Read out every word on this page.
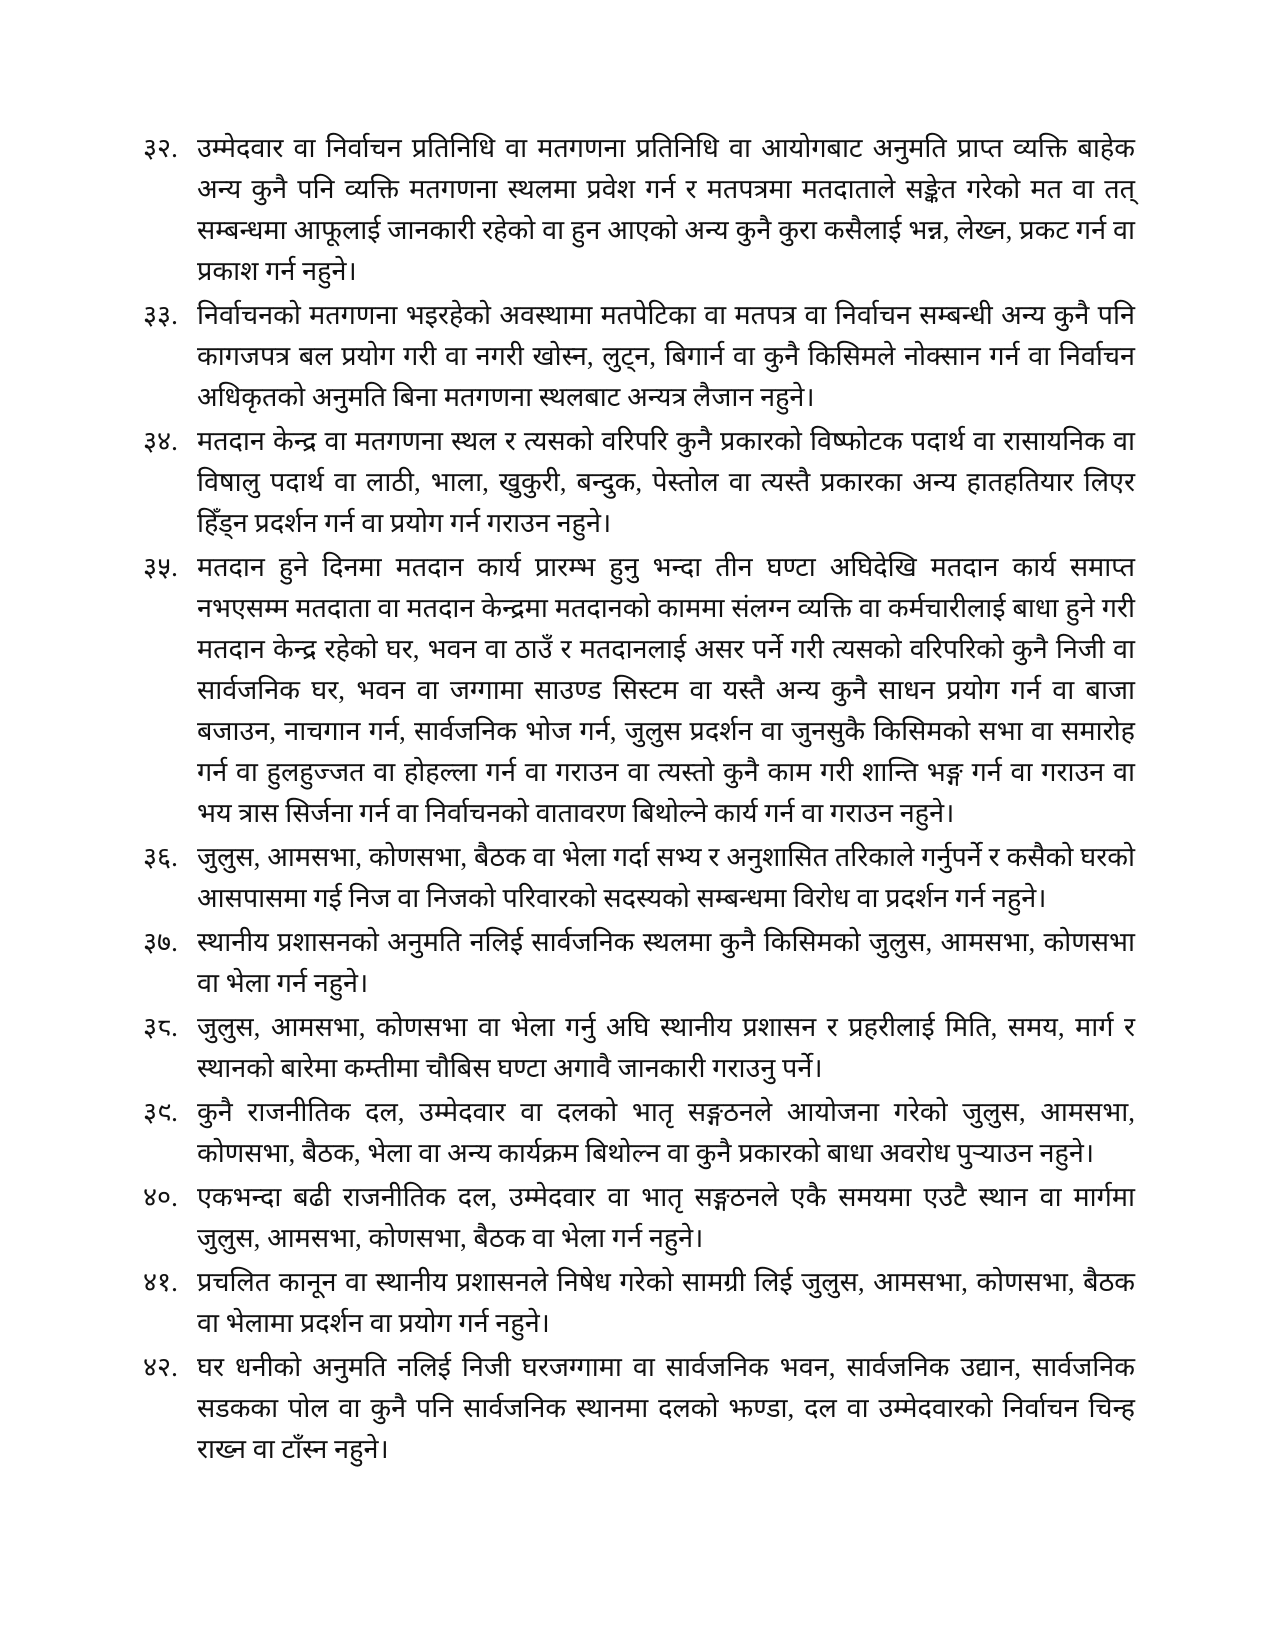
३२. उम्मेदवार वा निर्वाचन प्रतिनिधि वा मतगणना प्रतिनिधि वा आयोगबाट अनुमति प्राप्त व्यक्ति बाहेक अन्य कुनै पनि व्यक्ति मतगणना स्थलमा प्रवेश गर्न र मतपत्रमा मतदाताले सङ्केत गरेको मत वा तत् सम्बन्धमा आफूलाई जानकारी रहेको वा हुन आएको अन्य कुनै कुरा कसैलाई भन्न, लेख्न, प्रकट गर्न वा प्रकाश गर्न नहुने।
३३. निर्वाचनको मतगणना भइरहेको अवस्थामा मतपेटिका वा मतपत्र वा निर्वाचन सम्बन्धी अन्य कुनै पनि कागजपत्र बल प्रयोग गरी वा नगरी खोस्न, लुट्न, बिगार्न वा कुनै किसिमले नोक्सान गर्न वा निर्वाचन अधिकृतको अनुमति बिना मतगणना स्थलबाट अन्यत्र लैजान नहुने।
३४. मतदान केन्द्र वा मतगणना स्थल र त्यसको वरिपरि कुनै प्रकारको विष्फोटक पदार्थ वा रासायनिक वा विषालु पदार्थ वा लाठी, भाला, खुकुरी, बन्दुक, पेस्तोल वा त्यस्तै प्रकारका अन्य हातहतियार लिएर हिँड्न प्रदर्शन गर्न वा प्रयोग गर्न गराउन नहुने।
३५. मतदान हुने दिनमा मतदान कार्य प्रारम्भ हुनु भन्दा तीन घण्टा अघिदेखि मतदान कार्य समाप्त नभएसम्म मतदाता वा मतदान केन्द्रमा मतदानको काममा संलग्न व्यक्ति वा कर्मचारीलाई बाधा हुने गरी मतदान केन्द्र रहेको घर, भवन वा ठाउँ र मतदानलाई असर पर्ने गरी त्यसको वरिपरिको कुनै निजी वा सार्वजनिक घर, भवन वा जग्गामा साउण्ड सिस्टम वा यस्तै अन्य कुनै साधन प्रयोग गर्न वा बाजा बजाउन, नाचगान गर्न, सार्वजनिक भोज गर्न, जुलुस प्रदर्शन वा जुनसुकै किसिमको सभा वा समारोह गर्न वा हुलहुज्जत वा होहल्ला गर्न वा गराउन वा त्यस्तो कुनै काम गरी शान्ति भङ्ग गर्न वा गराउन वा भय त्रास सिर्जना गर्न वा निर्वाचनको वातावरण बिथोल्ने कार्य गर्न वा गराउन नहुने।
३६. जुलुस, आमसभा, कोणसभा, बैठक वा भेला गर्दा सभ्य र अनुशासित तरिकाले गर्नुपर्ने र कसैको घरको आसपासमा गई निज वा निजको परिवारको सदस्यको सम्बन्धमा विरोध वा प्रदर्शन गर्न नहुने।
३७. स्थानीय प्रशासनको अनुमति नलिई सार्वजनिक स्थलमा कुनै किसिमको जुलुस, आमसभा, कोणसभा वा भेला गर्न नहुने।
३८. जुलुस, आमसभा, कोणसभा वा भेला गर्नु अघि स्थानीय प्रशासन र प्रहरीलाई मिति, समय, मार्ग र स्थानको बारेमा कम्तीमा चौबिस घण्टा अगावै जानकारी गराउनु पर्ने।
३९. कुनै राजनीतिक दल, उम्मेदवार वा दलको भातृ सङ्गठनले आयोजना गरेको जुलुस, आमसभा, कोणसभा, बैठक, भेला वा अन्य कार्यक्रम बिथोल्न वा कुनै प्रकारको बाधा अवरोध पुऱ्याउन नहुने।
४०. एकभन्दा बढी राजनीतिक दल, उम्मेदवार वा भातृ सङ्गठनले एकै समयमा एउटै स्थान वा मार्गमा जुलुस, आमसभा, कोणसभा, बैठक वा भेला गर्न नहुने।
४१. प्रचलित कानून वा स्थानीय प्रशासनले निषेध गरेको सामग्री लिई जुलुस, आमसभा, कोणसभा, बैठक वा भेलामा प्रदर्शन वा प्रयोग गर्न नहुने।
४२. घर धनीको अनुमति नलिई निजी घरजग्गामा वा सार्वजनिक भवन, सार्वजनिक उद्यान, सार्वजनिक सडकका पोल वा कुनै पनि सार्वजनिक स्थानमा दलको झण्डा, दल वा उम्मेदवारको निर्वाचन चिन्ह राख्न वा टाँस्न नहुने।
